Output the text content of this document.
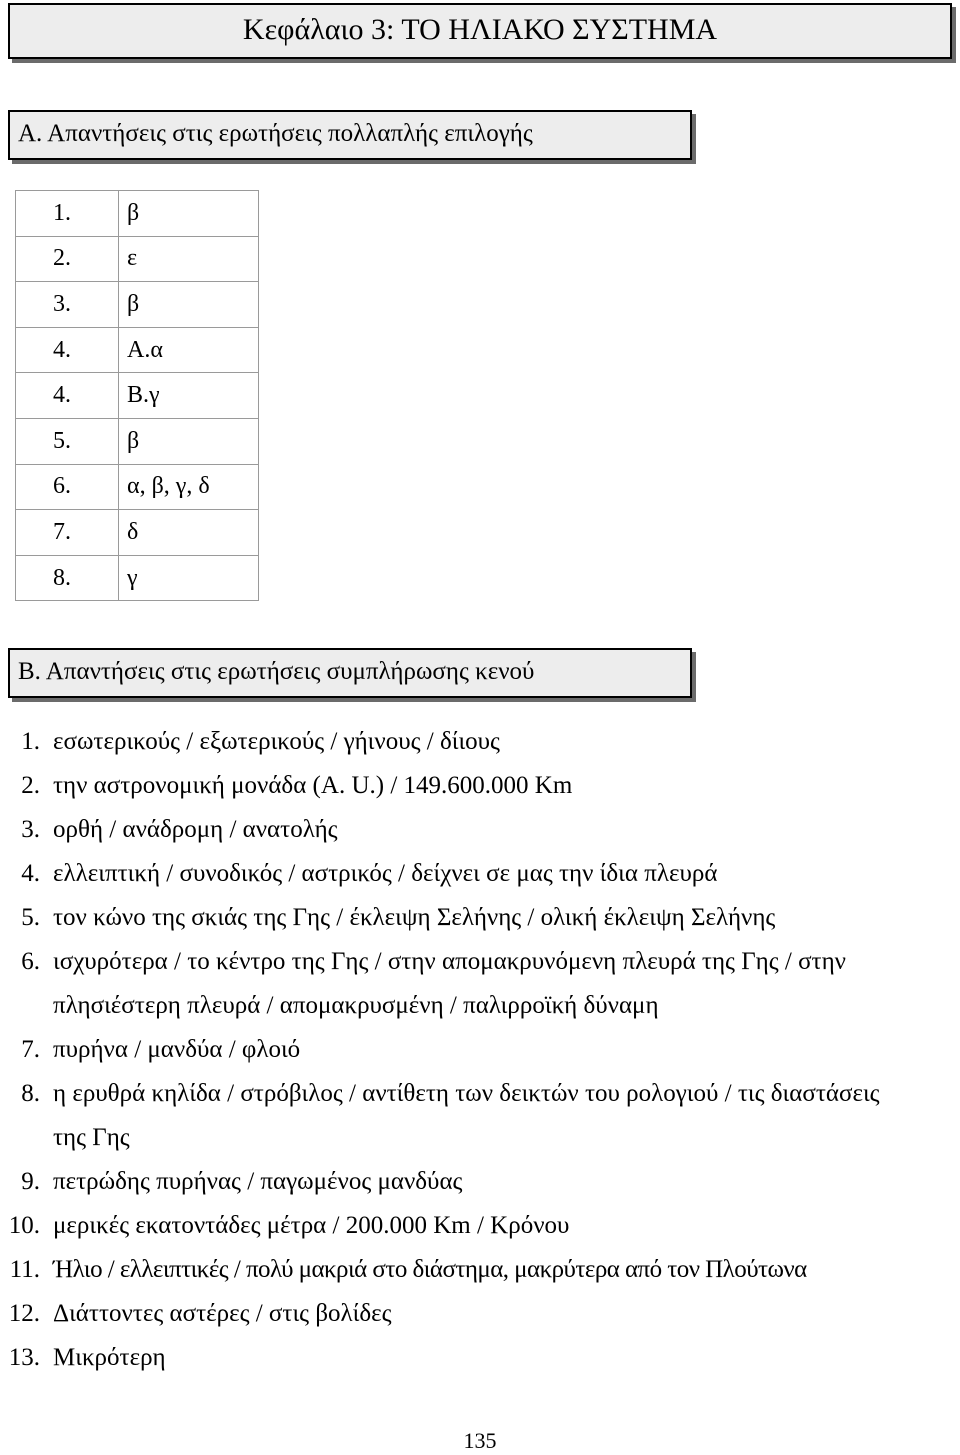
Κεφάλαιο 3: ΤΟ ΗΛΙΑΚΟ ΣΥΣΤΗΜΑ
Α. Απαντήσεις στις ερωτήσεις πολλαπλής επιλογής
1.	β
2.	ε
3.	β
4.	Α.α
4.	Β.γ
5.	β
6.	α, β, γ, δ
7.	δ
8.	γ
Β. Απαντήσεις στις ερωτήσεις συμπλήρωσης κενού
1. εσωτερικούς / εξωτερικούς / γήινους / δίιους
2. την αστρονομική μονάδα (A. U.) / 149.600.000 Km
3. ορθή / ανάδρομη / ανατολής
4. ελλειπτική / συνοδικός / αστρικός / δείχνει σε μας την ίδια πλευρά
5. τον κώνο της σκιάς της Γης / έκλειψη Σελήνης / ολική έκλειψη Σελήνης
6. ισχυρότερα / το κέντρο της Γης / στην απομακρυνόμενη πλευρά της Γης / στην πλησιέστερη πλευρά / απομακρυσμένη / παλιρροϊκή δύναμη
7. πυρήνα / μανδύα / φλοιό
8. η ερυθρά κηλίδα / στρόβιλος / αντίθετη των δεικτών του ρολογιού / τις διαστάσεις της Γης
9. πετρώδης πυρήνας / παγωμένος μανδύας
10. μερικές εκατοντάδες μέτρα / 200.000 Km / Κρόνου
11. Ήλιο / ελλειπτικές / πολύ μακριά στο διάστημα, μακρύτερα από τον Πλούτωνα
12. Διάττοντες αστέρες / στις βολίδες
13. Μικρότερη
135
